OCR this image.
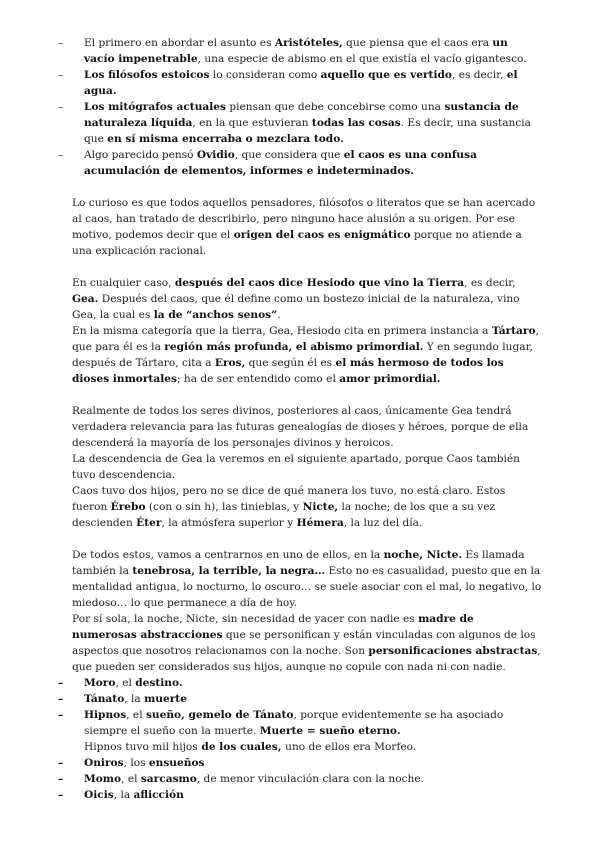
– El primero en abordar el asunto es Aristóteles, que piensa que el caos era un vacío impenetrable, una especie de abismo en el que existía el vacío gigantesco.
– Los filósofos estoicos lo consideran como aquello que es vertido, es decir, el agua.
– Los mitógrafos actuales piensan que debe concebirse como una sustancia de naturaleza líquida, en la que estuvieran todas las cosas. Es decir, una sustancia que en sí misma encerraba o mezclara todo.
– Algo parecido pensó Ovidio, que considera que el caos es una confusa acumulación de elementos, informes e indeterminados.

Lo curioso es que todos aquellos pensadores, filósofos o literatos que se han acercado al caos, han tratado de describirlo, pero ninguno hace alusión a su origen. Por ese motivo, podemos decir que el origen del caos es enigmático porque no atiende a una explicación racional.

En cualquier caso, después del caos dice Hesiodo que vino la Tierra, es decir, Gea. Después del caos, que él define como un bostezo inicial de la naturaleza, vino Gea, la cual es la de “anchos senos”.

En la misma categoría que la tierra, Gea, Hesiodo cita en primera instancia a Tártaro, que para él es la región más profunda, el abismo primordial. Y en segundo lugar, después de Tártaro, cita a Eros, que según él es el más hermoso de todos los dioses inmortales; ha de ser entendido como el amor primordial.

Realmente de todos los seres divinos, posteriores al caos, únicamente Gea tendrá verdadera relevancia para las futuras genealogías de dioses y héroes, porque de ella descenderá la mayoría de los personajes divinos y heroicos.

La descendencia de Gea la veremos en el siguiente apartado, porque Caos también tuvo descendencia.

Caos tuvo dos hijos, pero no se dice de qué manera los tuvo, no está claro. Estos fueron Érebo (con o sin h), las tinieblas, y Nicte, la noche; de los que a su vez descienden Éter, la atmósfera superior y Hémera, la luz del día.

De todos estos, vamos a centrarnos en uno de ellos, en la noche, Nicte. Es llamada también la tenebrosa, la terrible, la negra… Esto no es casualidad, puesto que en la mentalidad antigua, lo nocturno, lo oscuro… se suele asociar con el mal, lo negativo, lo miedoso… lo que permanece a día de hoy.

Por sí sola, la noche, Nicte, sin necesidad de yacer con nadie es madre de numerosas abstracciones que se personifican y están vinculadas con algunos de los aspectos que nosotros relacionamos con la noche. Son personificaciones abstractas, que pueden ser considerados sus hijos, aunque no copule con nada ni con nadie.

– Moro, el destino.
– Tánato, la muerte
– Hipnos, el sueño, gemelo de Tánato, porque evidentemente se ha asociado siempre el sueño con la muerte. Muerte = sueño eterno.
Hipnos tuvo mil hijos de los cuales, uno de ellos era Morfeo.
– Oniros, los ensueños
– Momo, el sarcasmo, de menor vinculación clara con la noche.
– Oicis, la aflicción
